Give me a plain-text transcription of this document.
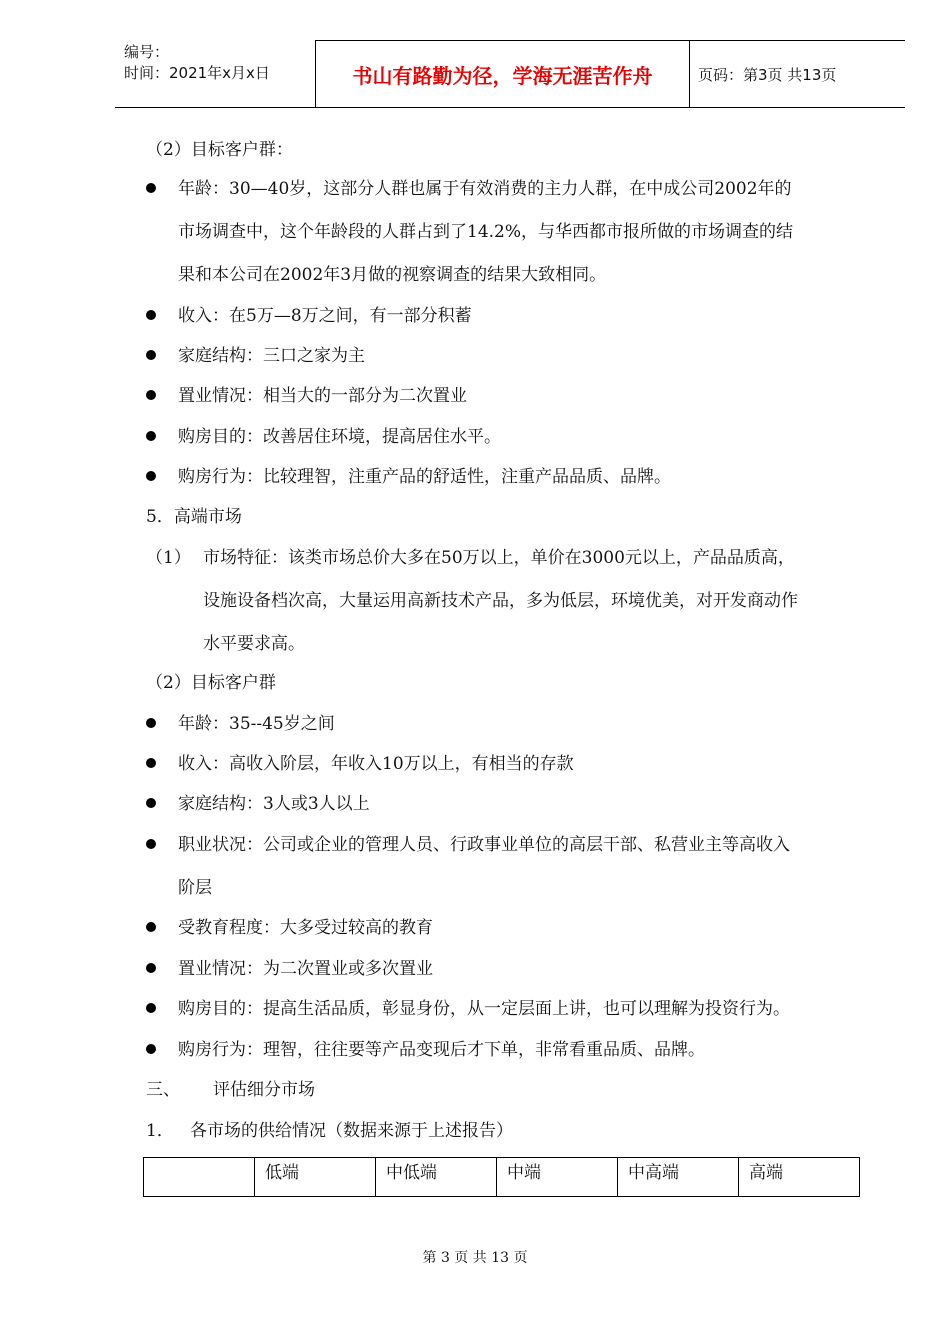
编号：
时间：2021年x月x日	书山有路勤为径，学海无涯苦作舟	页码：第3页 共13页
（2）目标客户群：
年龄：30—40岁，这部分人群也属于有效消费的主力人群，在中成公司2002年的
市场调查中，这个年龄段的人群占到了14.2%，与华西都市报所做的市场调查的结
果和本公司在2002年3月做的视察调查的结果大致相同。
收入：在5万—8万之间，有一部分积蓄
家庭结构：三口之家为主
置业情况：相当大的一部分为二次置业
购房目的：改善居住环境，提高居住水平。
购房行为：比较理智，注重产品的舒适性，注重产品品质、品牌。
5．高端市场
（1） 市场特征：该类市场总价大多在50万以上，单价在3000元以上，产品品质高，
设施设备档次高，大量运用高新技术产品，多为低层，环境优美，对开发商动作
水平要求高。
（2）目标客户群
年龄：35--45岁之间
收入：高收入阶层，年收入10万以上，有相当的存款
家庭结构：3人或3人以上
职业状况：公司或企业的管理人员、行政事业单位的高层干部、私营业主等高收入
阶层
受教育程度：大多受过较高的教育
置业情况：为二次置业或多次置业
购房目的：提高生活品质，彰显身份，从一定层面上讲，也可以理解为投资行为。
购房行为：理智，往往要等产品变现后才下单，非常看重品质、品牌。
三、 评估细分市场
1．   各市场的供给情况（数据来源于上述报告）
	低端	中低端	中端	中高端	高端
第 3 页 共 13 页
